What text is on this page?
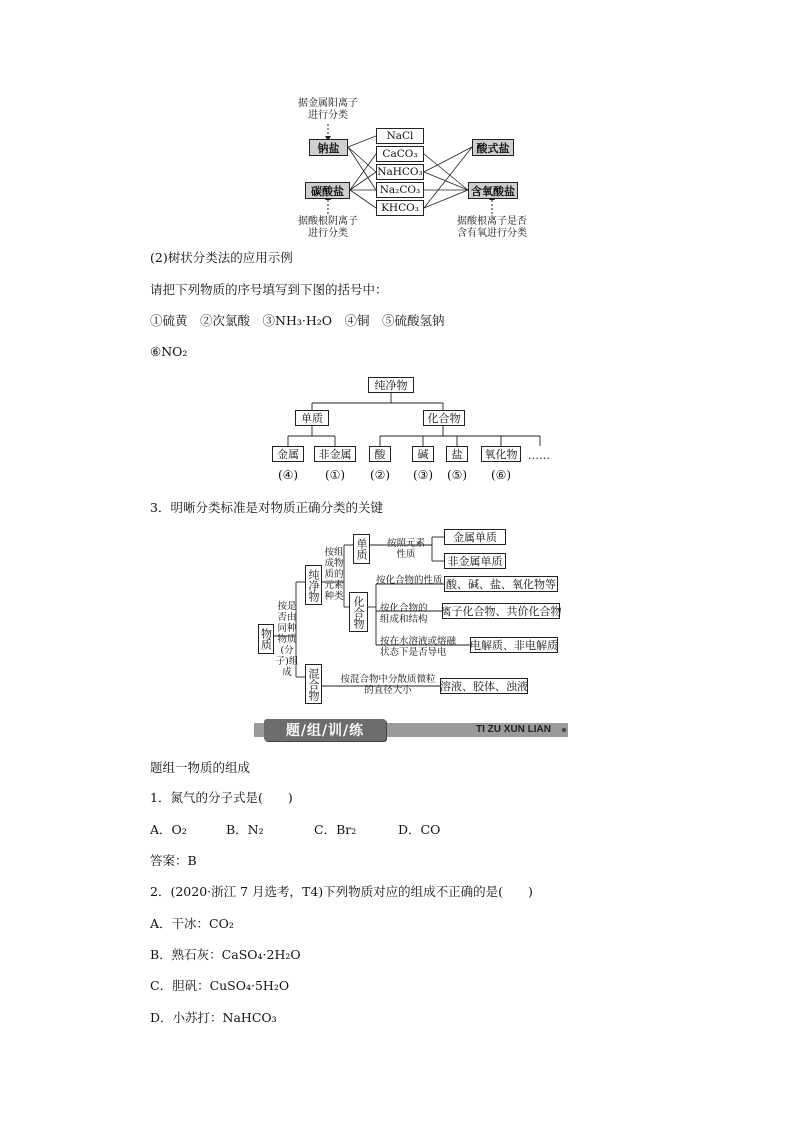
据金属阳离子
进行分类
钠盐
碳酸盐
NaCl
CaCO₃
NaHCO₃
Na₂CO₃
KHCO₃
酸式盐
含氧酸盐
据酸根阴离子
进行分类
据酸根离子是否
含有氧进行分类
(2)树状分类法的应用示例
请把下列物质的序号填写到下图的括号中：
①硫黄　②次氯酸　③NH₃·H₂O　④铜　⑤硫酸氢钠
⑥NO₂
纯净物
单质	化合物
金属	非金属	酸	碱	盐	氧化物 ……
(④)	(①)	(②)	(③)	(⑤)	(⑥)
3．明晰分类标准是对物质正确分类的关键
物质
按是否由同种物质(分子)组成
纯净物
混合物
按组成物质的元素种类
单质
化合物
按照元素性质
金属单质
非金属单质
按化合物的性质
按化合物的组成和结构
按在水溶液或熔融状态下是否导电
酸、碱、盐、氧化物等
离子化合物、共价化合物
电解质、非电解质
按混合物中分散质微粒的直径大小	溶液、胶体、浊液
题/组/训/练	TI ZU XUN LIAN
题组一物质的组成
1．氮气的分子式是(　　)
A．O₂	B．N₂	C．Br₂	D．CO
答案：B
2．(2020·浙江 7 月选考，T4)下列物质对应的组成不正确的是(　　)
A．干冰：CO₂
B．熟石灰：CaSO₄·2H₂O
C．胆矾：CuSO₄·5H₂O
D．小苏打：NaHCO₃
